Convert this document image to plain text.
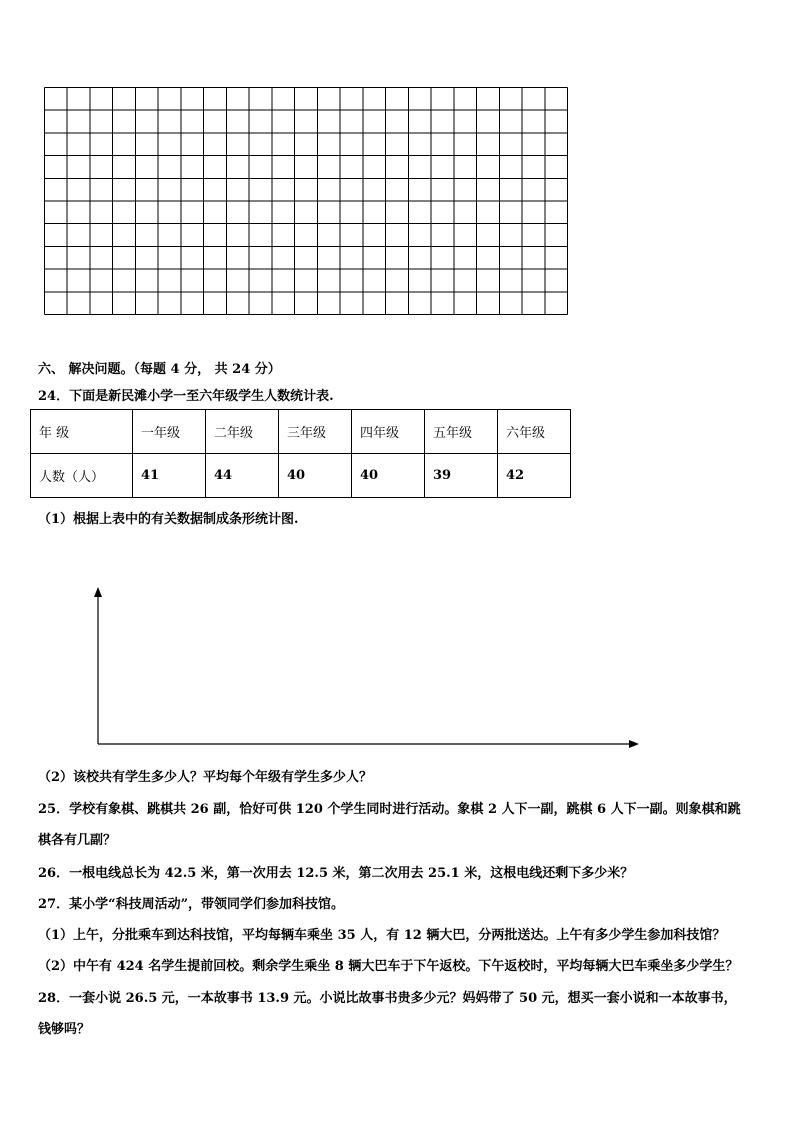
六、 解决问题。（每题 4 分， 共 24 分）
24．下面是新民滩小学一至六年级学生人数统计表.
年 级	一年级	二年级	三年级	四年级	五年级	六年级
人数（人）	41	44	40	40	39	42
（1）根据上表中的有关数据制成条形统计图.
（2）该校共有学生多少人？平均每个年级有学生多少人？
25．学校有象棋、跳棋共 26 副，恰好可供 120 个学生同时进行活动。象棋 2 人下一副，跳棋 6 人下一副。则象棋和跳
棋各有几副？
26．一根电线总长为 42.5 米，第一次用去 12.5 米，第二次用去 25.1 米，这根电线还剩下多少米？
27．某小学“科技周活动”，带领同学们参加科技馆。
（1）上午，分批乘车到达科技馆，平均每辆车乘坐 35 人，有 12 辆大巴，分两批送达。上午有多少学生参加科技馆？
（2）中午有 424 名学生提前回校。剩余学生乘坐 8 辆大巴车于下午返校。下午返校时，平均每辆大巴车乘坐多少学生？
28．一套小说 26.5 元，一本故事书 13.9 元。小说比故事书贵多少元？妈妈带了 50 元，想买一套小说和一本故事书，
钱够吗？
